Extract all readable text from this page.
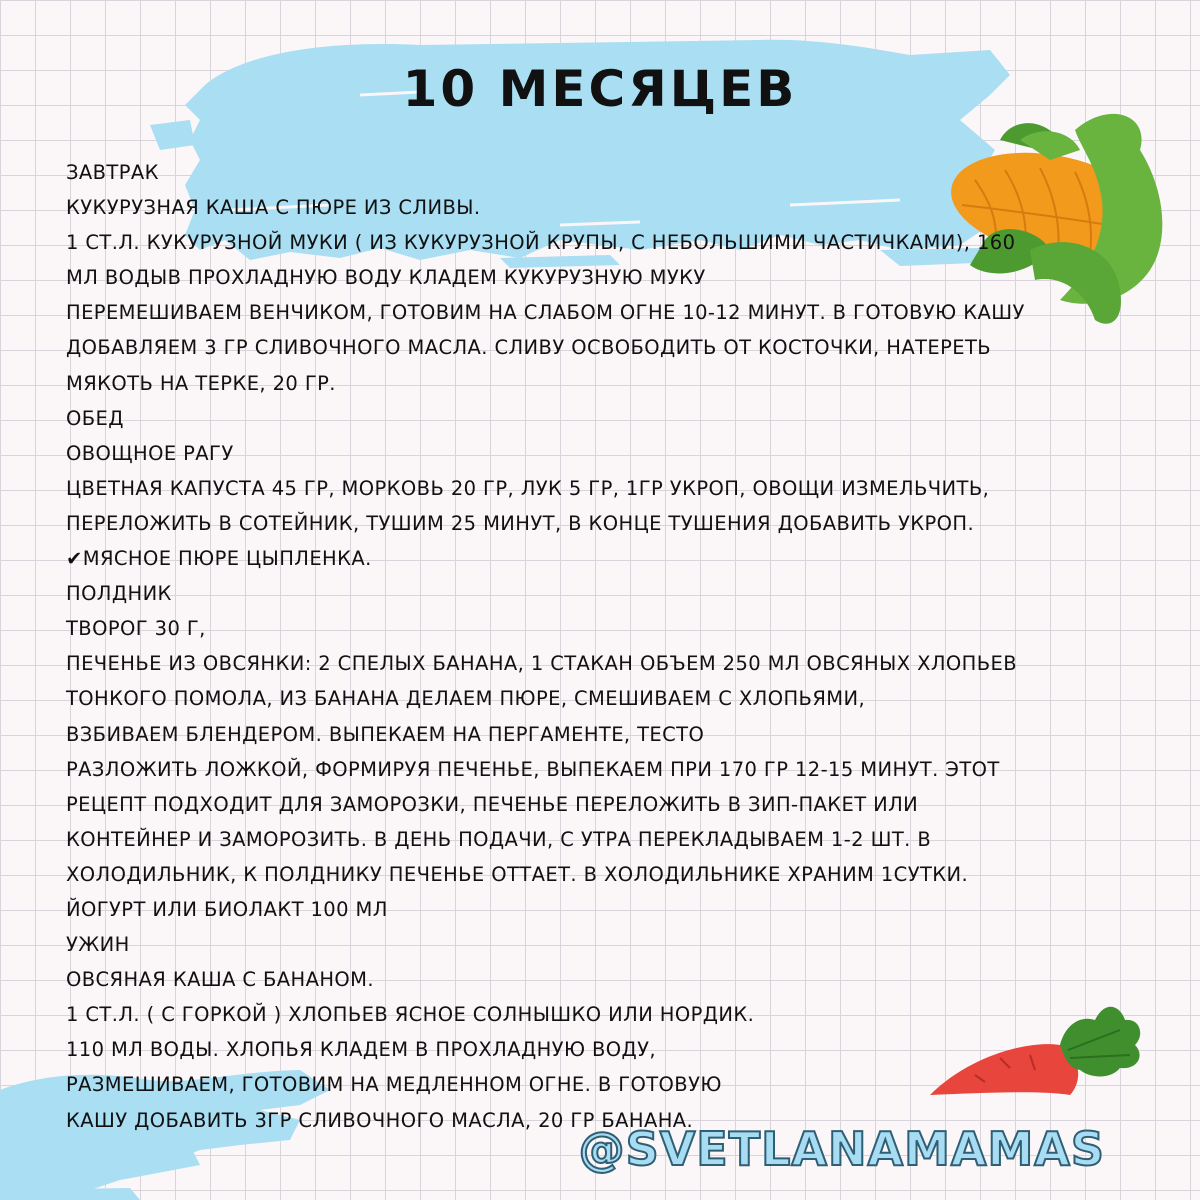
10 МЕСЯЦЕВ
ЗАВТРАК
КУКУРУЗНАЯ КАША С ПЮРЕ ИЗ СЛИВЫ.
1 СТ.Л. КУКУРУЗНОЙ МУКИ ( ИЗ КУКУРУЗНОЙ КРУПЫ, С НЕБОЛЬШИМИ ЧАСТИЧКАМИ), 160
МЛ ВОДЫВ ПРОХЛАДНУЮ ВОДУ КЛАДЕМ КУКУРУЗНУЮ МУКУ
ПЕРЕМЕШИВАЕМ ВЕНЧИКОМ, ГОТОВИМ НА СЛАБОМ ОГНЕ 10-12 МИНУТ. В ГОТОВУЮ КАШУ
ДОБАВЛЯЕМ 3 ГР СЛИВОЧНОГО МАСЛА. СЛИВУ ОСВОБОДИТЬ ОТ КОСТОЧКИ, НАТЕРЕТЬ
МЯКОТЬ НА ТЕРКЕ, 20 ГР.
ОБЕД
ОВОЩНОЕ РАГУ
ЦВЕТНАЯ КАПУСТА 45 ГР, МОРКОВЬ 20 ГР, ЛУК 5 ГР, 1ГР УКРОП, ОВОЩИ ИЗМЕЛЬЧИТЬ,
ПЕРЕЛОЖИТЬ В СОТЕЙНИК, ТУШИМ 25 МИНУТ, В КОНЦЕ ТУШЕНИЯ ДОБАВИТЬ УКРОП.
✔МЯСНОЕ ПЮРЕ ЦЫПЛЕНКА.
ПОЛДНИК
ТВОРОГ 30 Г,
ПЕЧЕНЬЕ ИЗ ОВСЯНКИ: 2 СПЕЛЫХ БАНАНА, 1 СТАКАН ОБЪЕМ 250 МЛ ОВСЯНЫХ ХЛОПЬЕВ
ТОНКОГО ПОМОЛА, ИЗ БАНАНА ДЕЛАЕМ ПЮРЕ, СМЕШИВАЕМ С ХЛОПЬЯМИ,
ВЗБИВАЕМ БЛЕНДЕРОМ. ВЫПЕКАЕМ НА ПЕРГАМЕНТЕ, ТЕСТО
РАЗЛОЖИТЬ ЛОЖКОЙ, ФОРМИРУЯ ПЕЧЕНЬЕ, ВЫПЕКАЕМ ПРИ 170 ГР 12-15 МИНУТ. ЭТОТ
РЕЦЕПТ ПОДХОДИТ ДЛЯ ЗАМОРОЗКИ, ПЕЧЕНЬЕ ПЕРЕЛОЖИТЬ В ЗИП-ПАКЕТ ИЛИ
КОНТЕЙНЕР И ЗАМОРОЗИТЬ. В ДЕНЬ ПОДАЧИ, С УТРА ПЕРЕКЛАДЫВАЕМ 1-2 ШТ. В
ХОЛОДИЛЬНИК, К ПОЛДНИКУ ПЕЧЕНЬЕ ОТТАЕТ. В ХОЛОДИЛЬНИКЕ ХРАНИМ 1СУТКИ.
ЙОГУРТ ИЛИ БИОЛАКТ 100 МЛ
УЖИН
ОВСЯНАЯ КАША С БАНАНОМ.
1 СТ.Л. ( С ГОРКОЙ ) ХЛОПЬЕВ ЯСНОЕ СОЛНЫШКО ИЛИ НОРДИК.
110 МЛ ВОДЫ. ХЛОПЬЯ КЛАДЕМ В ПРОХЛАДНУЮ ВОДУ,
РАЗМЕШИВАЕМ, ГОТОВИМ НА МЕДЛЕННОМ ОГНЕ. В ГОТОВУЮ
КАШУ ДОБАВИТЬ 3ГР СЛИВОЧНОГО МАСЛА, 20 ГР БАНАНА.
@SVETLANAMAMAS
